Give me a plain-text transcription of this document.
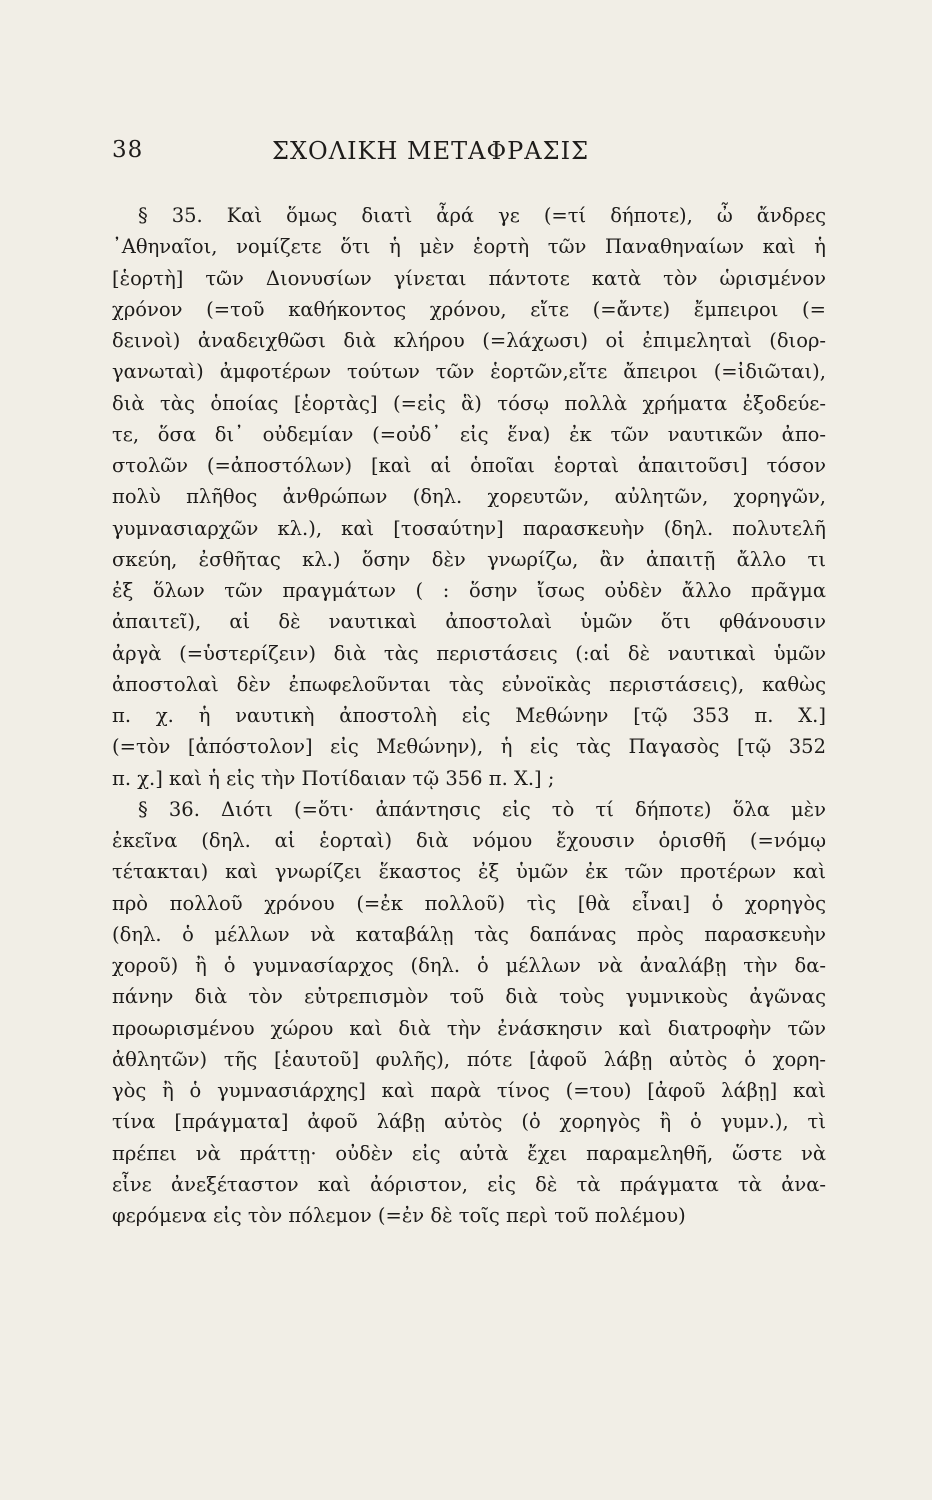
38	ΣΧΟΛΙΚΗ ΜΕΤΑΦΡΑΣΙΣ
§ 35. Καὶ ὅμως διατὶ ἆρά γε (=τί δήποτε), ὦ ἄνδρες
᾿Αθηναῖοι, νομίζετε ὅτι ἡ μὲν ἑορτὴ τῶν Παναθηναίων καὶ ἡ
[ἑορτὴ] τῶν Διονυσίων γίνεται πάντοτε κατὰ τὸν ὡρισμένον
χρόνον (=τοῦ καθήκοντος χρόνου, εἴτε (=ἄντε) ἔμπειροι (=
δεινοὶ) ἀναδειχθῶσι διὰ κλήρου (=λάχωσι) οἱ ἐπιμεληταὶ (διορ-
γανωταὶ) ἀμφοτέρων τούτων τῶν ἑορτῶν,εἴτε ἄπειροι (=ἰδιῶται),
διὰ τὰς ὁποίας [ἑορτὰς] (=εἰς ἃ) τόσῳ πολλὰ χρήματα ἐξοδεύε-
τε, ὅσα δι᾿ οὐδεμίαν (=οὐδ᾿ εἰς ἕνα) ἐκ τῶν ναυτικῶν ἀπο-
στολῶν (=ἀποστόλων) [καὶ αἱ ὁποῖαι ἑορταὶ ἀπαιτοῦσι] τόσον
πολὺ πλῆθος ἀνθρώπων (δηλ. χορευτῶν, αὐλητῶν, χορηγῶν,
γυμνασιαρχῶν κλ.), καὶ [τοσαύτην] παρασκευὴν (δηλ. πολυτελῆ
σκεύη, ἐσθῆτας κλ.) ὅσην δὲν γνωρίζω, ἂν ἀπαιτῇ ἄλλο τι
ἐξ ὅλων τῶν πραγμάτων ( : ὅσην ἴσως οὐδὲν ἄλλο πρᾶγμα
ἀπαιτεῖ), αἱ δὲ ναυτικαὶ ἀποστολαὶ ὑμῶν ὅτι φθάνουσιν
ἀργὰ (=ὑστερίζειν) διὰ τὰς περιστάσεις (:αἱ δὲ ναυτικαὶ ὑμῶν
ἀποστολαὶ δὲν ἐπωφελοῦνται τὰς εὐνοϊκὰς περιστάσεις), καθὼς
π. χ. ἡ ναυτικὴ ἀποστολὴ εἰς Μεθώνην [τῷ 353 π. Χ.]
(=τὸν [ἀπόστολον] εἰς Μεθώνην), ἡ εἰς τὰς Παγασὸς [τῷ 352
π. χ.] καὶ ἡ εἰς τὴν Ποτίδαιαν τῷ 356 π. Χ.] ;
§ 36. Διότι (=ὅτι· ἀπάντησις εἰς τὸ τί δήποτε) ὅλα μὲν
ἐκεῖνα (δηλ. αἱ ἑορταὶ) διὰ νόμου ἔχουσιν ὁρισθῆ (=νόμῳ
τέτακται) καὶ γνωρίζει ἕκαστος ἐξ ὑμῶν ἐκ τῶν προτέρων καὶ
πρὸ πολλοῦ χρόνου (=ἐκ πολλοῦ) τὶς [θὰ εἶναι] ὁ χορηγὸς
(δηλ. ὁ μέλλων νὰ καταβάλῃ τὰς δαπάνας πρὸς παρασκευὴν
χοροῦ) ἢ ὁ γυμνασίαρχος (δηλ. ὁ μέλλων νὰ ἀναλάβῃ τὴν δα-
πάνην διὰ τὸν εὐτρεπισμὸν τοῦ διὰ τοὺς γυμνικοὺς ἀγῶνας
προωρισμένου χώρου καὶ διὰ τὴν ἐνάσκησιν καὶ διατροφὴν τῶν
ἀθλητῶν) τῆς [ἑαυτοῦ] φυλῆς), πότε [ἀφοῦ λάβῃ αὐτὸς ὁ χορη-
γὸς ἢ ὁ γυμνασιάρχης] καὶ παρὰ τίνος (=του) [ἀφοῦ λάβῃ] καὶ
τίνα [πράγματα] ἀφοῦ λάβῃ αὐτὸς (ὁ χορηγὸς ἢ ὁ γυμν.), τὶ
πρέπει νὰ πράττῃ· οὐδὲν εἰς αὐτὰ ἔχει παραμεληθῆ, ὥστε νὰ
εἶνε ἀνεξέταστον καὶ ἀόριστον, εἰς δὲ τὰ πράγματα τὰ ἀνα-
φερόμενα εἰς τὸν πόλεμον (=ἐν δὲ τοῖς περὶ τοῦ πολέμου)
